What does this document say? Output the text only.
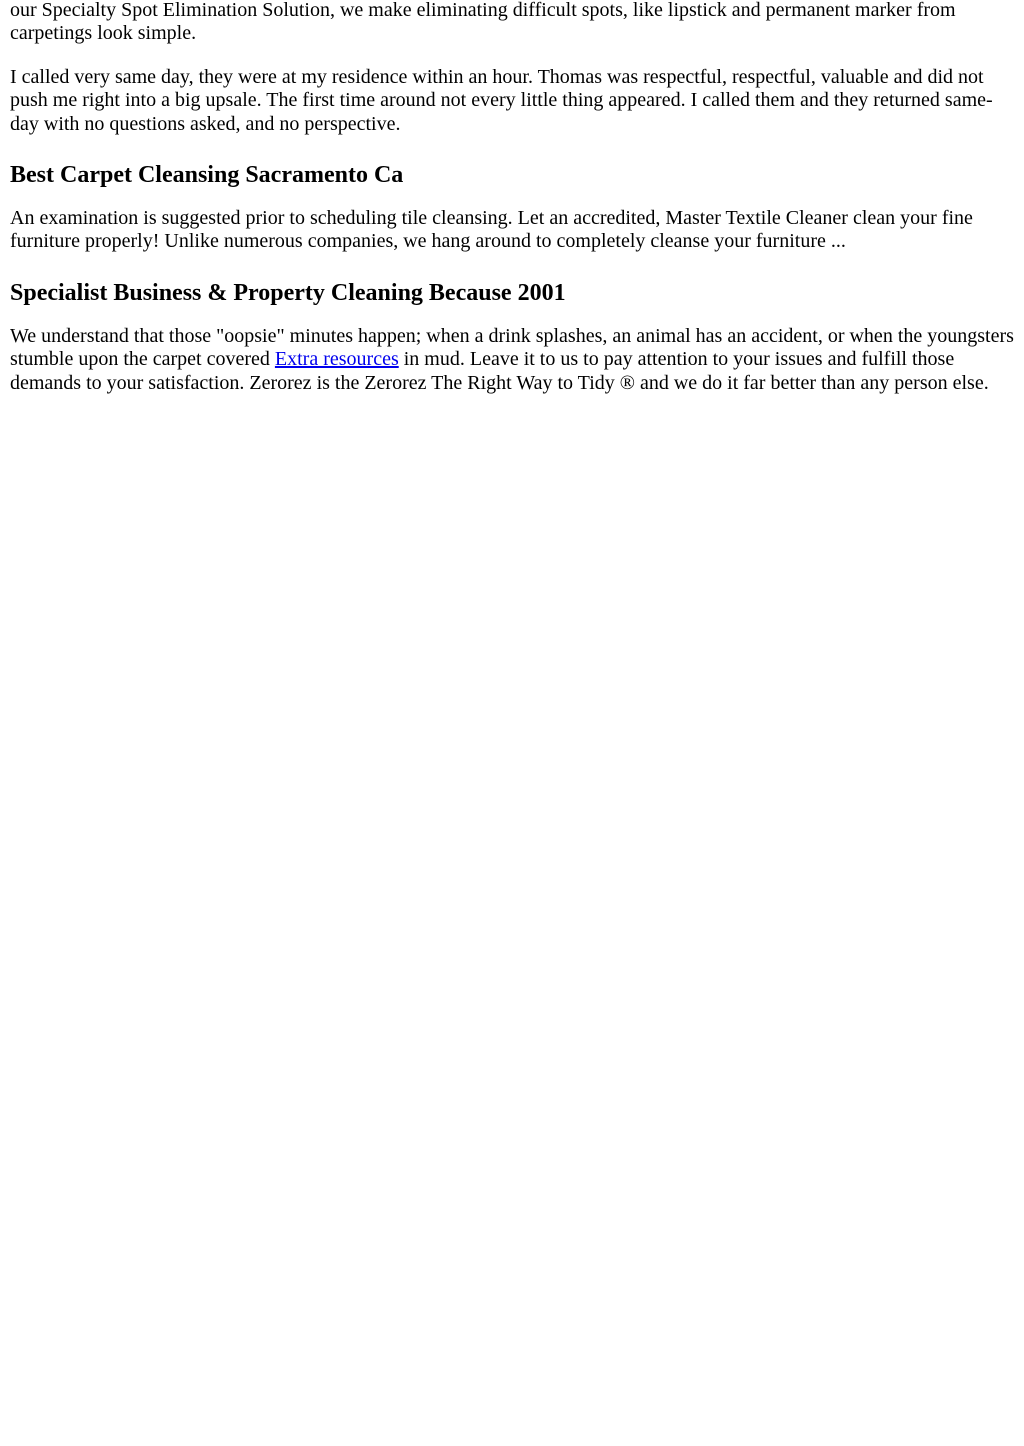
our Specialty Spot Elimination Solution, we make eliminating difficult spots, like lipstick and permanent marker from carpetings look simple.

I called very same day, they were at my residence within an hour. Thomas was respectful, respectful, valuable and did not push me right into a big upsale. The first time around not every little thing appeared. I called them and they returned same-day with no questions asked, and no perspective.

Best Carpet Cleansing Sacramento Ca

An examination is suggested prior to scheduling tile cleansing. Let an accredited, Master Textile Cleaner clean your fine furniture properly! Unlike numerous companies, we hang around to completely cleanse your furniture ...

Specialist Business & Property Cleaning Because 2001

We understand that those "oopsie" minutes happen; when a drink splashes, an animal has an accident, or when the youngsters stumble upon the carpet covered Extra resources in mud. Leave it to us to pay attention to your issues and fulfill those demands to your satisfaction. Zerorez is the Zerorez The Right Way to Tidy ® and we do it far better than any person else.
